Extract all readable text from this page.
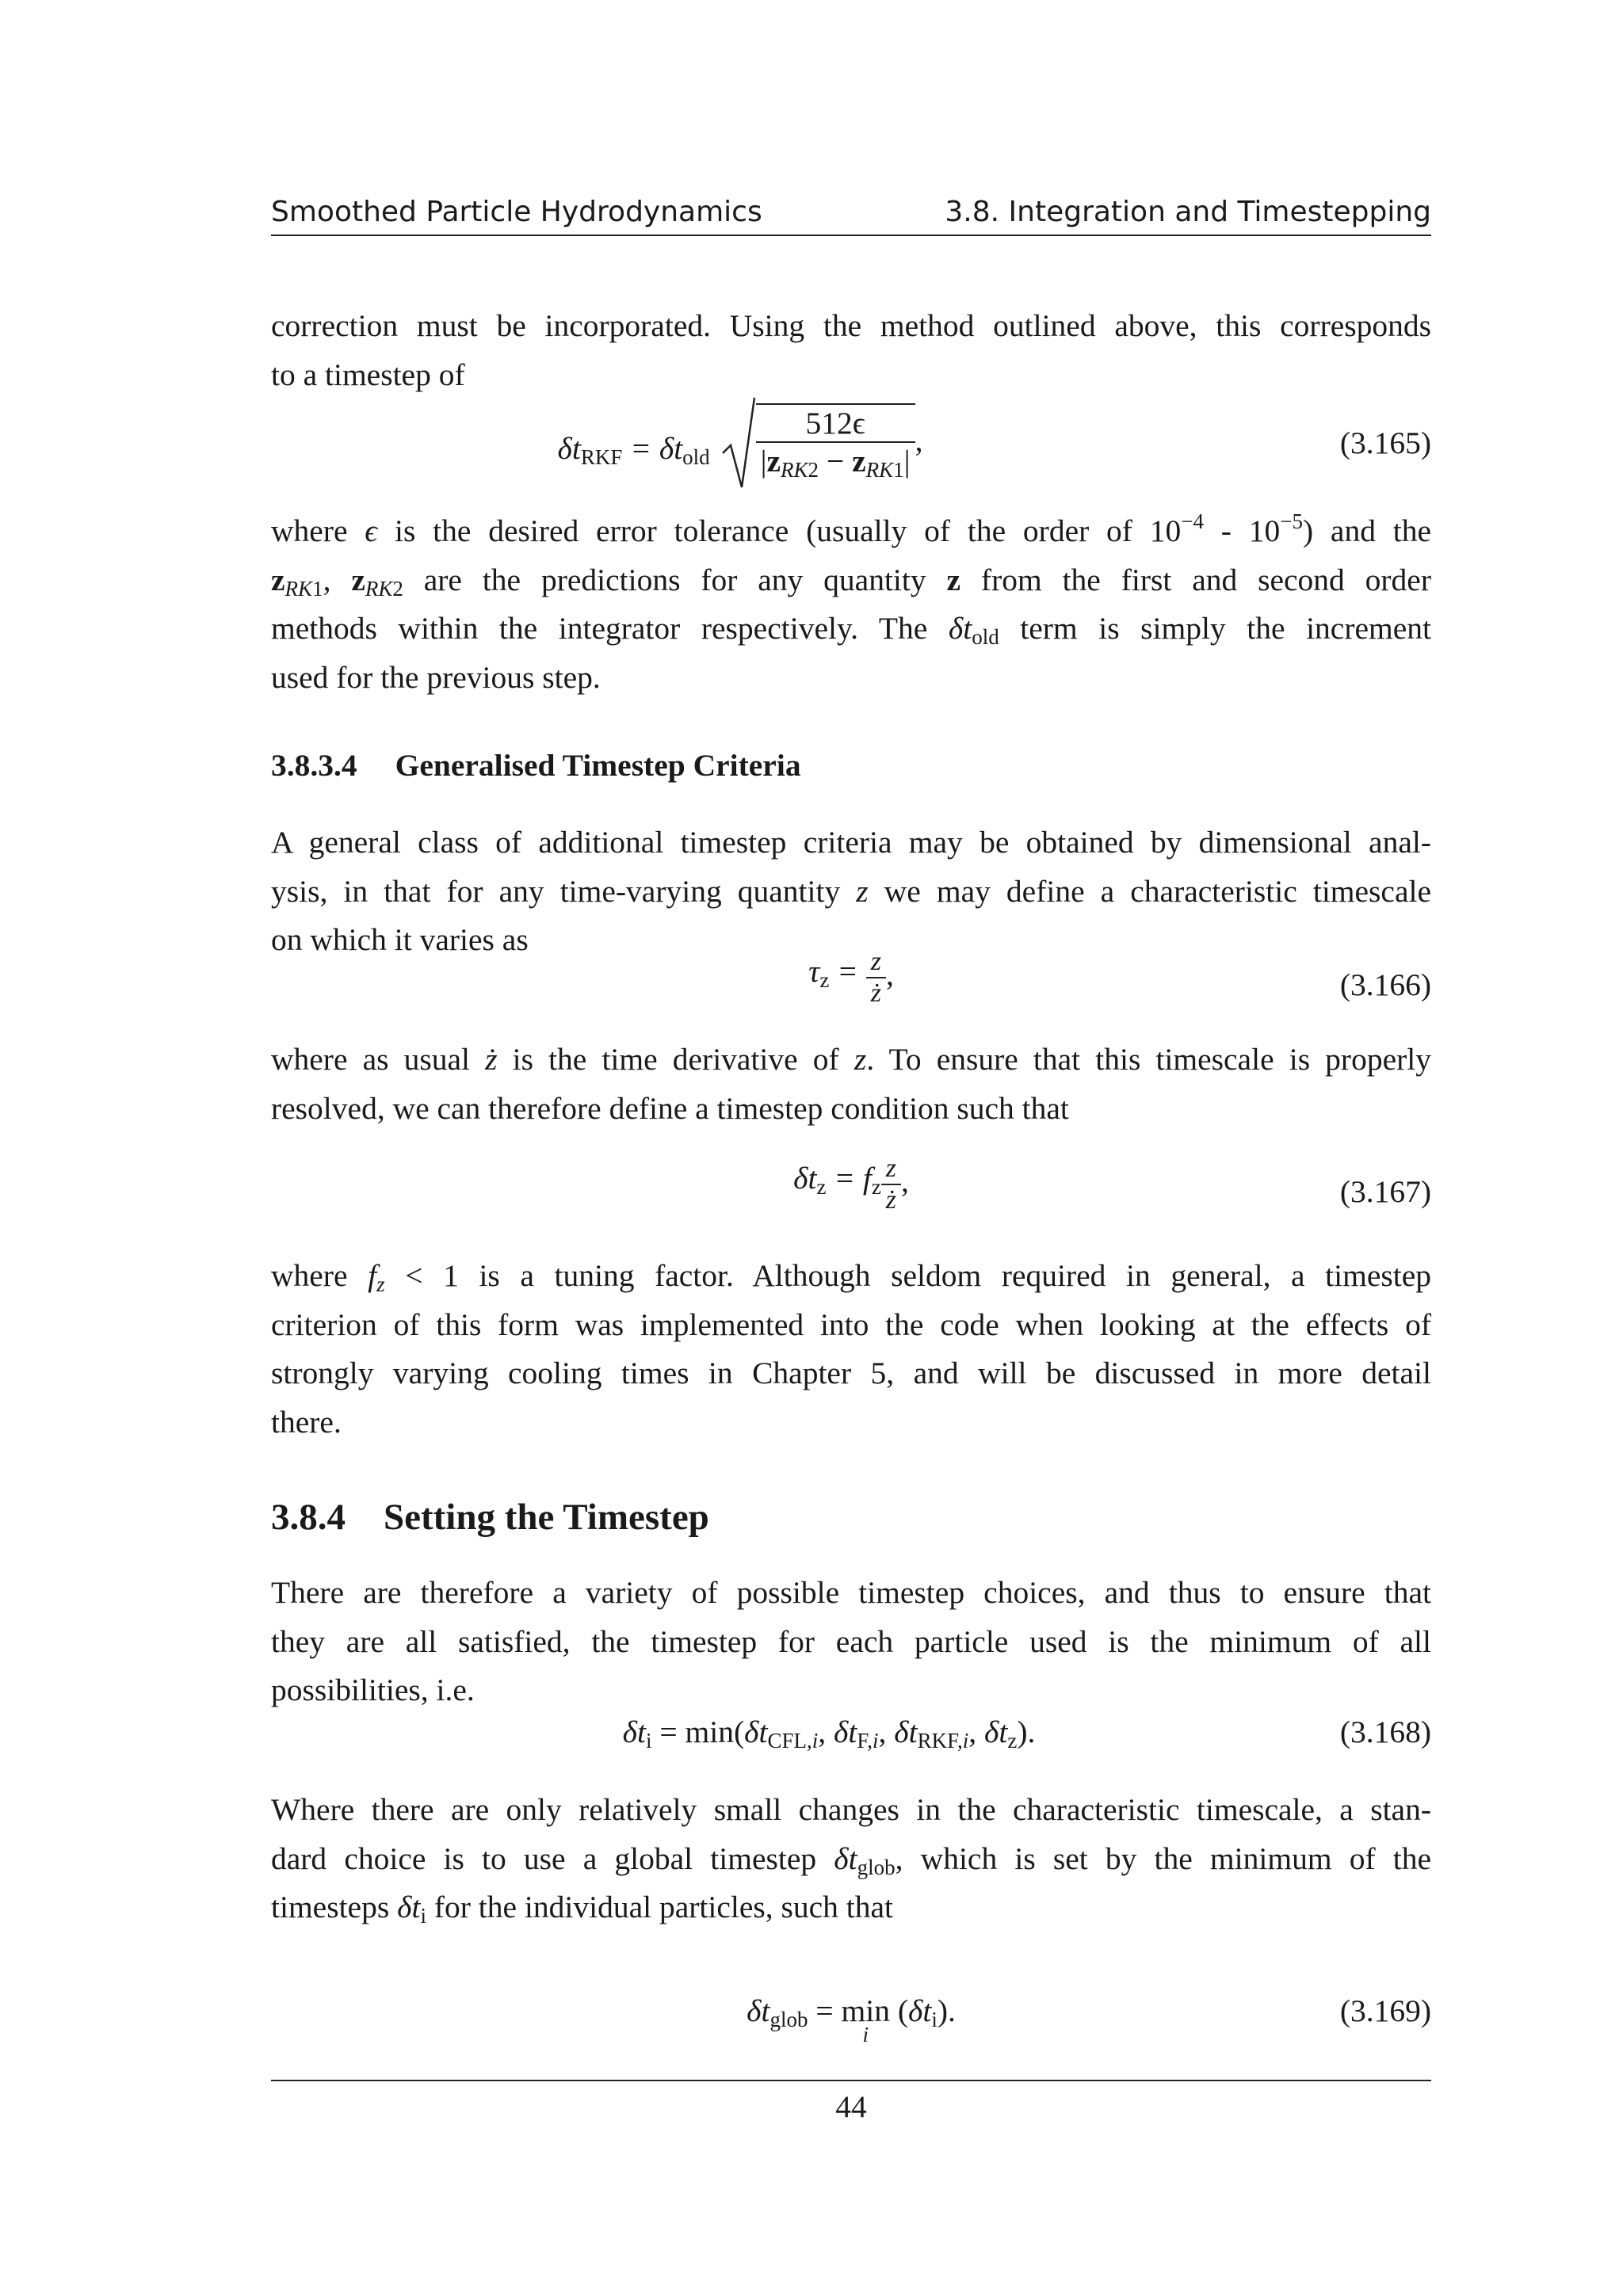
Smoothed Particle Hydrodynamics	3.8. Integration and Timestepping
correction must be incorporated. Using the method outlined above, this corresponds
to a timestep of
$\delta t_{RKF} = \delta t_{old} \frac{512\epsilon}{|z_{RK2} - z_{RK1}|}$ ,	(3.165)
where ϵ is the desired error tolerance (usually of the order of $10^{-4} - 10^{-5}$) and the
$z_{RK1}$, $z_{RK2}$ are the predictions for any quantity z from the first and second order
methods within the integrator respectively. The $\delta t_{old}$ term is simply the increment
used for the previous step.
3.8.3.4 Generalised Timestep Criteria
A general class of additional timestep criteria may be obtained by dimensional anal-
ysis, in that for any time-varying quantity z we may define a characteristic timescale
on which it varies as
$\tau_z = \frac{z}{ż}$ ,	(3.166)
where as usual ż is the time derivative of z. To ensure that this timescale is properly
resolved, we can therefore define a timestep condition such that
$\delta t_z = f_z \frac{z}{ż}$ ,	(3.167)
where $f_z < 1$ is a tuning factor. Although seldom required in general, a timestep
criterion of this form was implemented into the code when looking at the effects of
strongly varying cooling times in Chapter 5, and will be discussed in more detail
there.
3.8.4 Setting the Timestep
There are therefore a variety of possible timestep choices, and thus to ensure that
they are all satisfied, the timestep for each particle used is the minimum of all
possibilities, i.e.
$\delta t_i = \min(\delta t_{CFL,i}$, $\delta t_{F,i}$, $\delta t_{RKF,i}$, $\delta t_z$).	(3.168)
Where there are only relatively small changes in the characteristic timescale, a stan-
dard choice is to use a global timestep $\delta t_{glob}$, which is set by the minimum of the
timesteps $\delta t_i$ for the individual particles, such that
$\delta t_{glob} = \min$
i
$(\delta t_i)$.	(3.169)
44
